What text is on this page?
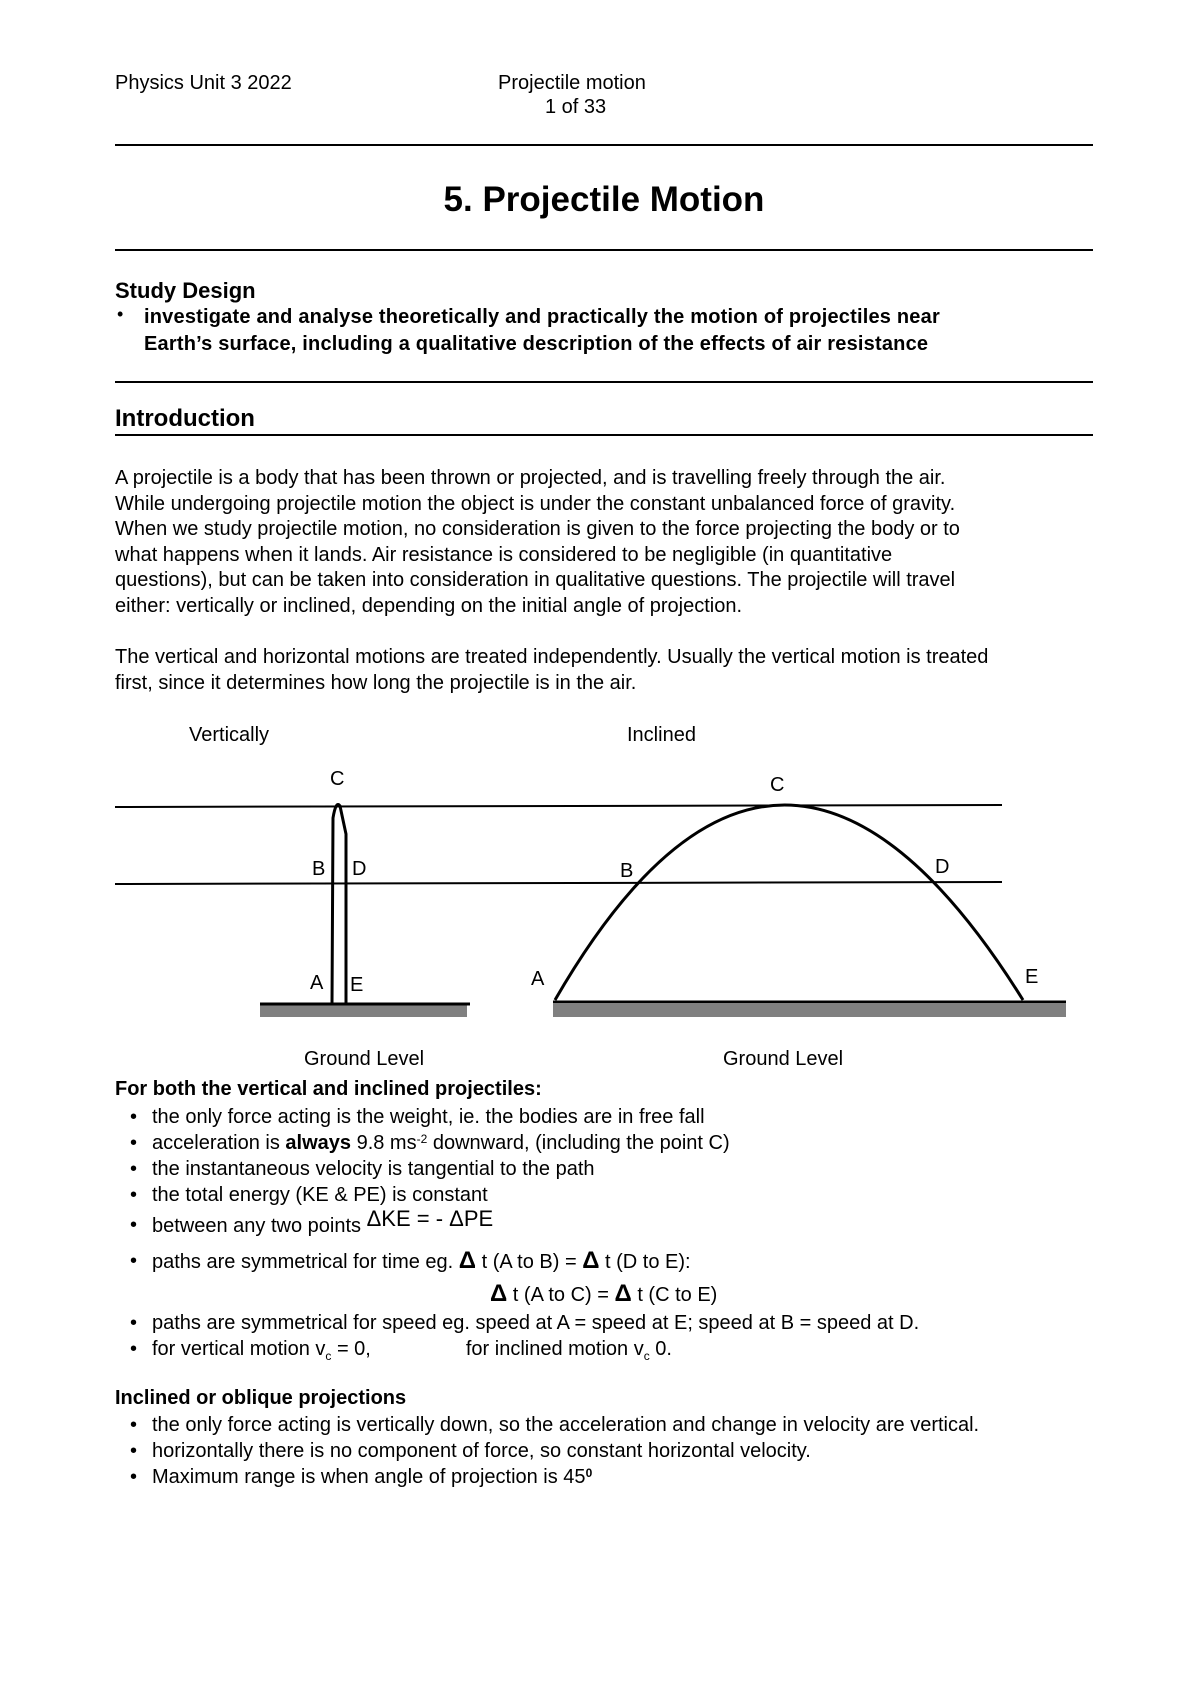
Physics Unit 3 2022	Projectile motion
1 of 33
5. Projectile Motion
Study Design
• investigate and analyse theoretically and practically the motion of projectiles near
Earth’s surface, including a qualitative description of the effects of air resistance
Introduction
A projectile is a body that has been thrown or projected, and is travelling freely through the air.
While undergoing projectile motion the object is under the constant unbalanced force of gravity.
When we study projectile motion, no consideration is given to the force projecting the body or to
what happens when it lands. Air resistance is considered to be negligible (in quantitative
questions), but can be taken into consideration in qualitative questions. The projectile will travel
either: vertically or inclined, depending on the initial angle of projection.
The vertical and horizontal motions are treated independently. Usually the vertical motion is treated
first, since it determines how long the projectile is in the air.
Vertically	Inclined
C
B D
A E
C
B	D
A	E
Ground Level	Ground Level
For both the vertical and inclined projectiles:
• the only force acting is the weight, ie. the bodies are in free fall
• acceleration is always 9.8 $ms^{-2}$ downward, (including the point C)
• the instantaneous velocity is tangential to the path
• the total energy (KE & PE) is constant
• between any two points ΔKE = - ΔPE
• paths are symmetrical for time eg. Δ t (A to B) = Δ t (D to E):
Δ t (A to C) = Δ t (C to E)
• paths are symmetrical for speed eg. speed at A = speed at E; speed at B = speed at D.
• for vertical motion $v_c = 0$,	for inclined motion $v_c$ 0.
Inclined or oblique projections
• the only force acting is vertically down, so the acceleration and change in velocity are vertical.
• horizontally there is no component of force, so constant horizontal velocity.
• Maximum range is when angle of projection is $45^0$
